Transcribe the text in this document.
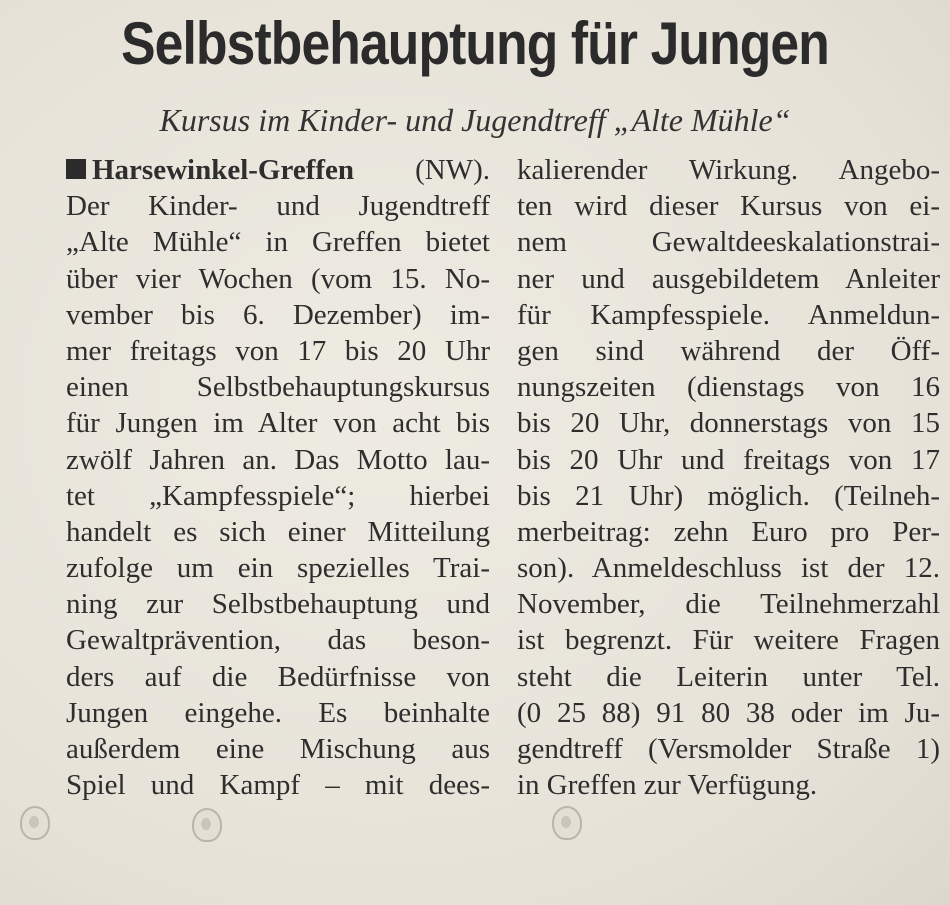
Selbstbehauptung für Jungen
Kursus im Kinder- und Jugendtreff „Alte Mühle“
Harsewinkel-Greffen (NW).
Der Kinder- und Jugendtreff
„Alte Mühle“ in Greffen bietet
über vier Wochen (vom 15. No-
vember bis 6. Dezember) im-
mer freitags von 17 bis 20 Uhr
einen Selbstbehauptungskursus
für Jungen im Alter von acht bis
zwölf Jahren an. Das Motto lau-
tet „Kampfesspiele“; hierbei
handelt es sich einer Mitteilung
zufolge um ein spezielles Trai-
ning zur Selbstbehauptung und
Gewaltprävention, das beson-
ders auf die Bedürfnisse von
Jungen eingehe. Es beinhalte
außerdem eine Mischung aus
Spiel und Kampf – mit dees-
kalierender Wirkung. Angebo-
ten wird dieser Kursus von ei-
nem Gewaltdeeskalationstrai-
ner und ausgebildetem Anleiter
für Kampfesspiele. Anmeldun-
gen sind während der Öff-
nungszeiten (dienstags von 16
bis 20 Uhr, donnerstags von 15
bis 20 Uhr und freitags von 17
bis 21 Uhr) möglich. (Teilneh-
merbeitrag: zehn Euro pro Per-
son). Anmeldeschluss ist der 12.
November, die Teilnehmerzahl
ist begrenzt. Für weitere Fragen
steht die Leiterin unter Tel.
(0 25 88) 91 80 38 oder im Ju-
gendtreff (Versmolder Straße 1)
in Greffen zur Verfügung.
